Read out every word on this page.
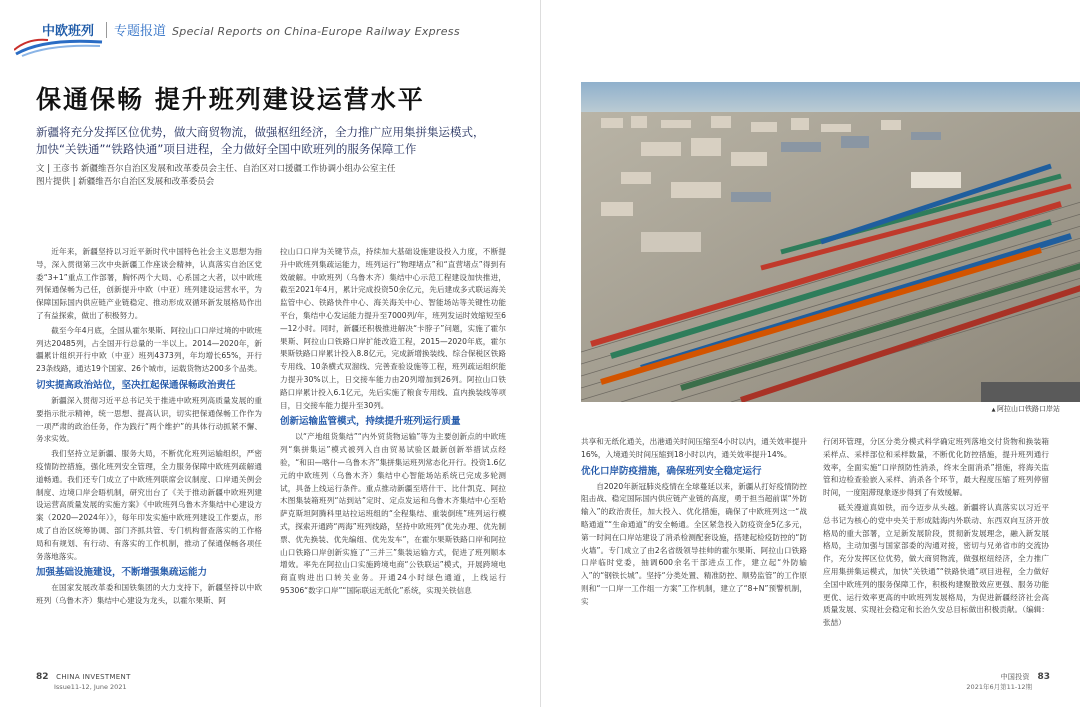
中欧班列 专题报道 Special Reports on China-Europe Railway Express
保通保畅 提升班列建设运营水平
新疆将充分发挥区位优势，做大商贸物流，做强枢纽经济，全力推广应用集拼集运模式，
加快“关铁通”“铁路快通”项目进程，全力做好全国中欧班列的服务保障工作
文 | 王彦书 新疆维吾尔自治区发展和改革委员会主任、自治区对口援疆工作协调小组办公室主任
图片提供 | 新疆维吾尔自治区发展和改革委员会

近年来，新疆坚持以习近平新时代中国特色社会主义思想为指导，深入贯彻第三次中央新疆工作座谈会精神，认真落实自治区党委“3+1”重点工作部署，胸怀两个大局、心系国之大者，以中欧班列保通保畅为己任，创新提升中欧（中亚）班列建设运营水平，为保障国际国内供应链产业链稳定、推动形成双循环新发展格局作出了有益探索，做出了积极努力。

截至今年4月底，全国从霍尔果斯、阿拉山口口岸过境的中欧班列达20485列，占全国开行总量的一半以上。2014—2020年，新疆累计组织开行中欧（中亚）班列4373列，年均增长65%，开行23条线路，通达19个国家、26个城市，运载货物达200多个品类。

切实提高政治站位，坚决扛起保通保畅政治责任

新疆深入贯彻习近平总书记关于推进中欧班列高质量发展的重要指示批示精神，统一思想、提高认识，切实把保通保畅工作作为一项严肃的政治任务，作为践行“两个维护”的具体行动抓紧不懈、务求实效。

我们坚持立足新疆、服务大局，不断优化班列运输组织，严密疫情防控措施，强化班列安全管理，全力服务保障中欧班列疏解通道畅通。我们还专门成立了中欧班列联席会议制度、口岸通关例会制度、边境口岸会晤机制，研究出台了《关于推动新疆中欧班列建设运营高质量发展的实施方案》《中欧班列乌鲁木齐集结中心建设方案（2020—2024年）》，每年印发实施中欧班列建设工作要点，形成了自治区统筹协调、部门齐抓共管、专门机构督查落实的工作格局和有规划、有行动、有落实的工作机制，推动了保通保畅各项任务落地落实。

加强基础设施建设，不断增强集疏运能力

在国家发展改革委和国铁集团的大力支持下，新疆坚持以中欧班列（乌鲁木齐）集结中心建设为龙头，以霍尔果斯、阿

拉山口口岸为关键节点，持续加大基础设施建设投入力度，不断提升中欧班列集疏运能力，班列运行“物理堵点”和“直营堵点”得到有效破解。中欧班列（乌鲁木齐）集结中心示范工程建设加快推进，截至2021年4月，累计完成投资50余亿元，先后建成多式联运海关监管中心、铁路快件中心、海关海关中心、智能场站等关键性功能平台，集结中心发运能力提升至7000列/年，班列发运时效缩短至6—12小时。同时，新疆还积极推进解决“卡脖子”问题，实施了霍尔果斯、阿拉山口铁路口岸扩能改造工程，2015—2020年底，霍尔果斯铁路口岸累计投入8.8亿元，完成新增换装线、综合保税区铁路专用线、10条横式双溜线、完善查验设施等工程，班列疏运组织能力提升30%以上，日交接车能力由20列增加到26列。阿拉山口铁路口岸累计投入6.1亿元，先后实施了粮食专用线、直内换装线等项目，日交接车能力提升至30列。

创新运输监管模式，持续提升班列运行质量

以“产地组货集结”“内外贸货物运输”等为主要创新点的中欧班列“集拼集运”模式被列入自由贸易试验区最新创新举措试点经验，“和田—喀什—乌鲁木齐”集拼集运班列常态化开行。投资1.6亿元的中欧班列（乌鲁木齐）集结中心智能场站系统已完成多轮测试，具备上线运行条件。重点推动新疆至塔什干、比什凯克、阿拉木图集装箱班列“站到站”定时、定点发运和乌鲁木齐集结中心至哈萨克斯坦阿腾科里站拉运班组的“全程集结、重装倒班”班列运行模式，探索开通跨“两海”班列线路，坚持中欧班列“优先办理、优先制票、优先换装、优先编组、优先发车”，在霍尔果斯铁路口岸和阿拉山口铁路口岸创新实施了“三并三”集装运输方式，促进了班列顺本增效。率先在阿拉山口实施跨境电商“公铁联运”模式，开展跨境电商直购进出口转关业务。开通24小时绿色通道，上线运行95306“数字口岸”“国际联运无纸化”系统，实现关铁信息

82 CHINA INVESTMENT
Issue11-12, June 2021
▲ 阿拉山口铁路口岸站

共享和无纸化通关，出港通关时间压缩至4小时以内，通关效率提升16%，入境通关时间压缩到18小时以内，通关效率提升14%。

优化口岸防疫措施，确保班列安全稳定运行

自2020年新冠肺炎疫情在全球蔓延以来，新疆从打好疫情防控阻击战、稳定国际国内供应链产业链的高度，勇于担当超前谋“外防输入”的政治责任，加大投入、优化措施，确保了中欧班列这一“战略通道”“生命通道”的安全畅通。全区紧急投入防疫资金5亿多元，第一时间在口岸站建设了消杀检测配套设施，搭建起检疫防控的“防火墙”。专门成立了由2名省级领导挂帅的霍尔果斯、阿拉山口铁路口岸临时党委，抽调600余名干部进点工作，建立起“外防输入”的“钢铁长城”。坚持“分类处置、精准防控、顺势监管”的工作原则和“一口岸一工作组一方案”工作机制，建立了“8+N”预警机制，实

行闭环管理，分区分类分模式科学确定班列落地交付货物和换装箱采样点、采样部位和采样数量，不断优化防控措施，提升班列通行效率，全面实施“口岸预防性消杀，终末全面消杀”措施，将海关监管和边检查验嵌入采样、消杀各个环节，最大程度压缩了班列停留时间，一度阻滞现象逐步得到了有效缓解。

砥关漫道真如铁，而今迈步从头越。新疆将认真落实以习近平总书记为核心的党中央关于形成陆海内外联动、东西双向互济开放格局的重大部署，立足新发展阶段，贯彻新发展理念，融入新发展格局，主动加强与国家部委的沟通对接，密切与兄弟省市的交流协作，充分发挥区位优势，做大商贸物流，做强枢纽经济，全力推广应用集拼集运模式，加快“关铁通”“铁路快通”项目进程，全力做好全国中欧班列的服务保障工作，积极构建聚散效应更强、服务功能更优、运行效率更高的中欧班列发展格局，为促进新疆经济社会高质量发展、实现社会稳定和长治久安总目标做出积极贡献。（编辑：张喆）

中国投资 83
2021年6月第11-12期
